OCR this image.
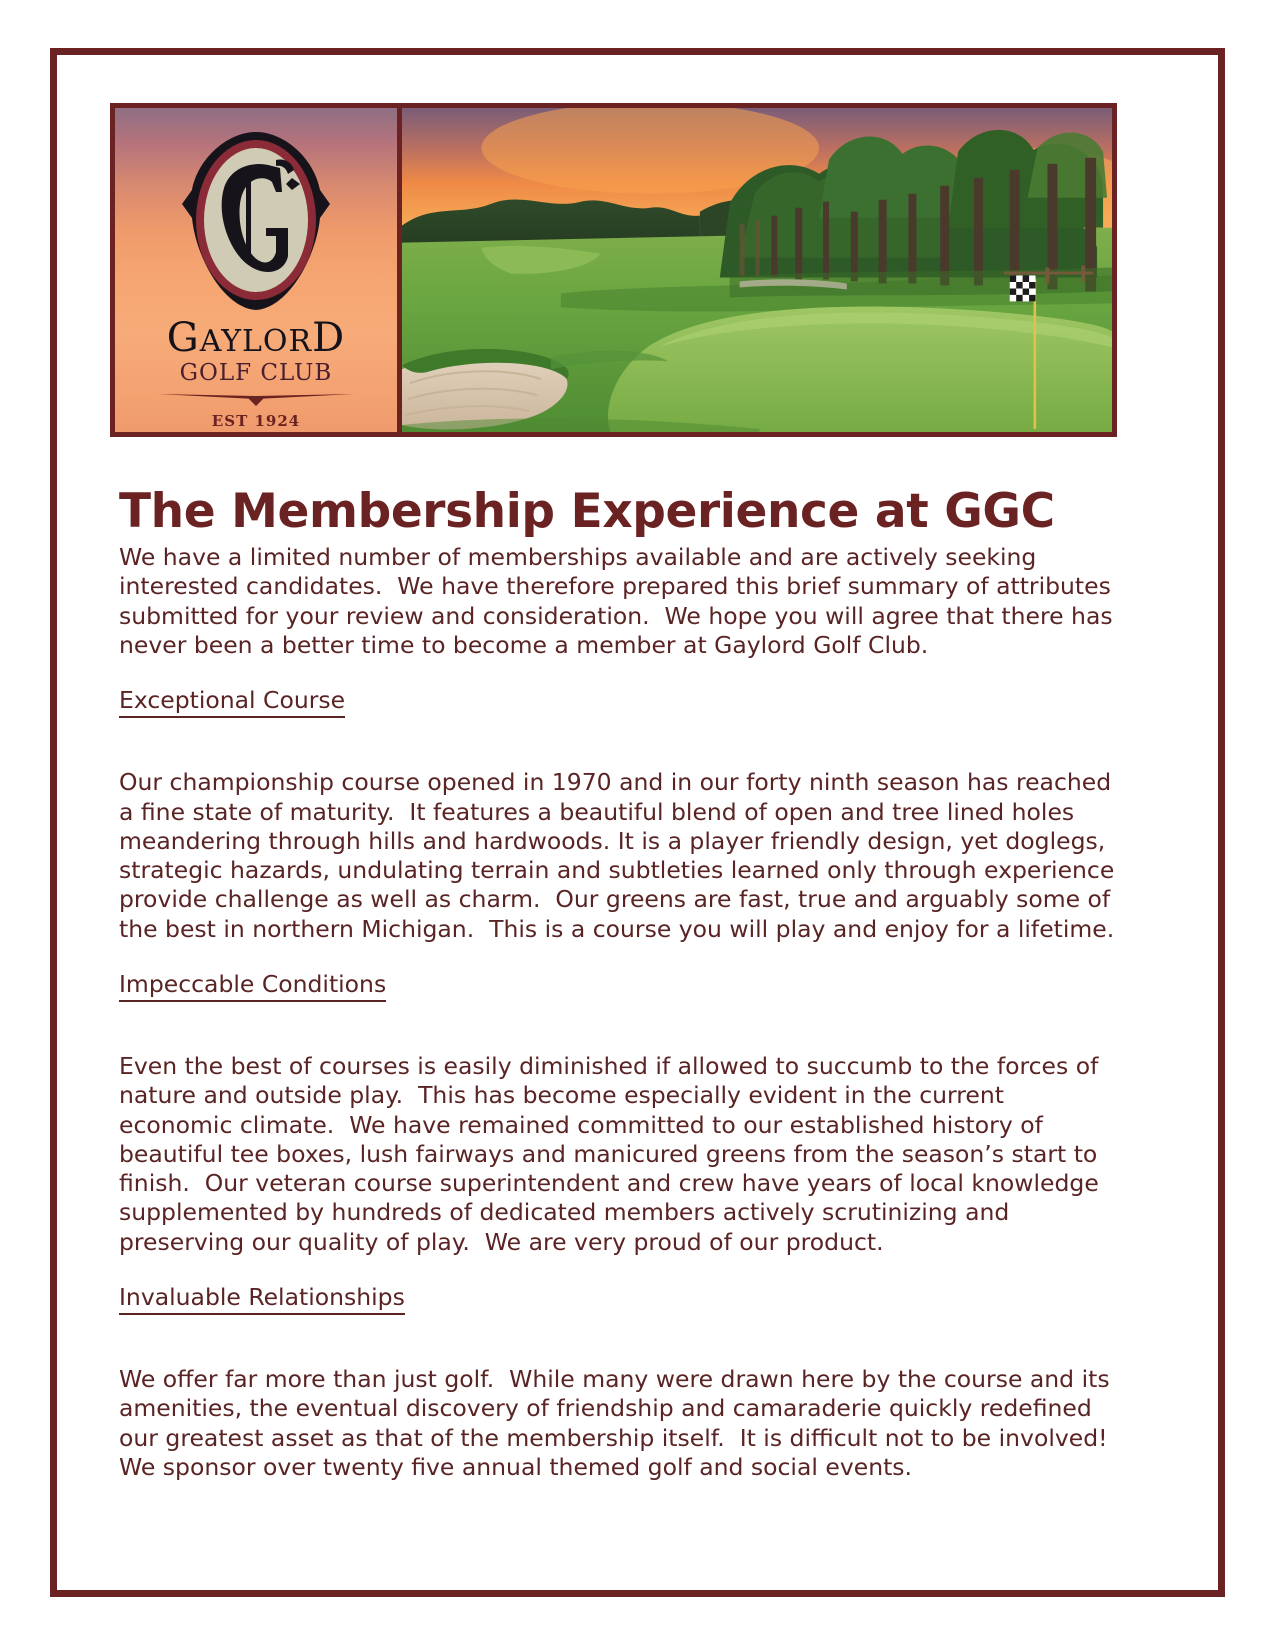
GAYLORD
GOLF CLUB
EST 1924
The Membership Experience at GGC

We have a limited number of memberships available and are actively seeking interested candidates.  We have therefore prepared this brief summary of attributes submitted for your review and consideration.  We hope you will agree that there has never been a better time to become a member at Gaylord Golf Club.

Exceptional Course

Our championship course opened in 1970 and in our forty ninth season has reached a fine state of maturity.  It features a beautiful blend of open and tree lined holes meandering through hills and hardwoods. It is a player friendly design, yet doglegs, strategic hazards, undulating terrain and subtleties learned only through experience provide challenge as well as charm.  Our greens are fast, true and arguably some of the best in northern Michigan.  This is a course you will play and enjoy for a lifetime.

Impeccable Conditions

Even the best of courses is easily diminished if allowed to succumb to the forces of nature and outside play.  This has become especially evident in the current economic climate.  We have remained committed to our established history of beautiful tee boxes, lush fairways and manicured greens from the season’s start to finish.  Our veteran course superintendent and crew have years of local knowledge supplemented by hundreds of dedicated members actively scrutinizing and preserving our quality of play.  We are very proud of our product.

Invaluable Relationships

We offer far more than just golf.  While many were drawn here by the course and its amenities, the eventual discovery of friendship and camaraderie quickly redefined our greatest asset as that of the membership itself.  It is difficult not to be involved!  We sponsor over twenty five annual themed golf and social events.
